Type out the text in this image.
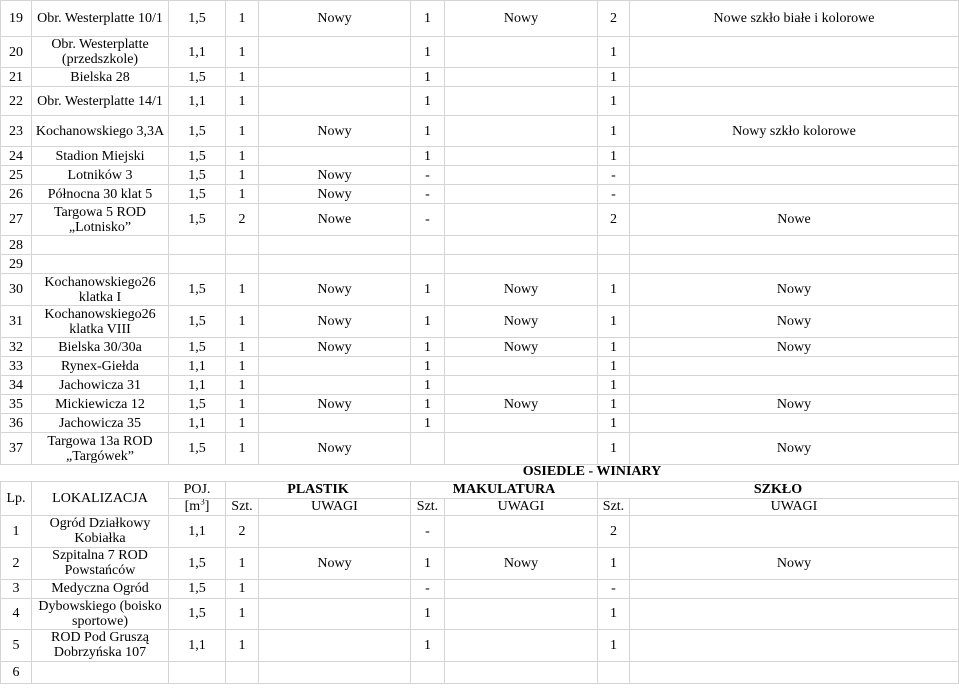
19	Obr. Westerplatte 10/1	1,5	1	Nowy	1	Nowy	2	Nowe szkło białe i kolorowe
20	Obr. Westerplatte (przedszkole)	1,1	1		1		1	
21	Bielska 28	1,5	1		1		1	
22	Obr. Westerplatte 14/1	1,1	1		1		1	
23	Kochanowskiego 3,3A	1,5	1	Nowy	1		1	Nowy szkło kolorowe
24	Stadion Miejski	1,5	1		1		1	
25	Lotników 3	1,5	1	Nowy	-		-	
26	Północna 30 klat 5	1,5	1	Nowy	-		-	
27	Targowa 5 ROD „Lotnisko”	1,5	2	Nowe	-		2	Nowe
28								
29								
30	Kochanowskiego26 klatka I	1,5	1	Nowy	1	Nowy	1	Nowy
31	Kochanowskiego26 klatka VIII	1,5	1	Nowy	1	Nowy	1	Nowy
32	Bielska 30/30a	1,5	1	Nowy	1	Nowy	1	Nowy
33	Rynex-Giełda	1,1	1		1		1	
34	Jachowicza 31	1,1	1		1		1	
35	Mickiewicza 12	1,5	1	Nowy	1	Nowy	1	Nowy
36	Jachowicza 35	1,1	1		1		1	
37	Targowa 13a ROD „Targówek”	1,5	1	Nowy			1	Nowy
			OSIEDLE - WINIARY					
Lp.	LOKALIZACJA	POJ.	PLASTIK		MAKULATURA		SZKŁO	
		$[m^3]$	Szt.	UWAGI	Szt.	UWAGI	Szt.	UWAGI
1	Ogród Działkowy Kobiałka	1,1	2		-		2	
2	Szpitalna 7 ROD Powstańców	1,5	1	Nowy	1	Nowy	1	Nowy
3	Medyczna Ogród	1,5	1		-		-	
4	Dybowskiego (boisko sportowe)	1,5	1		1		1	
5	ROD Pod Gruszą Dobrzyńska 107	1,1	1		1		1	
6								
